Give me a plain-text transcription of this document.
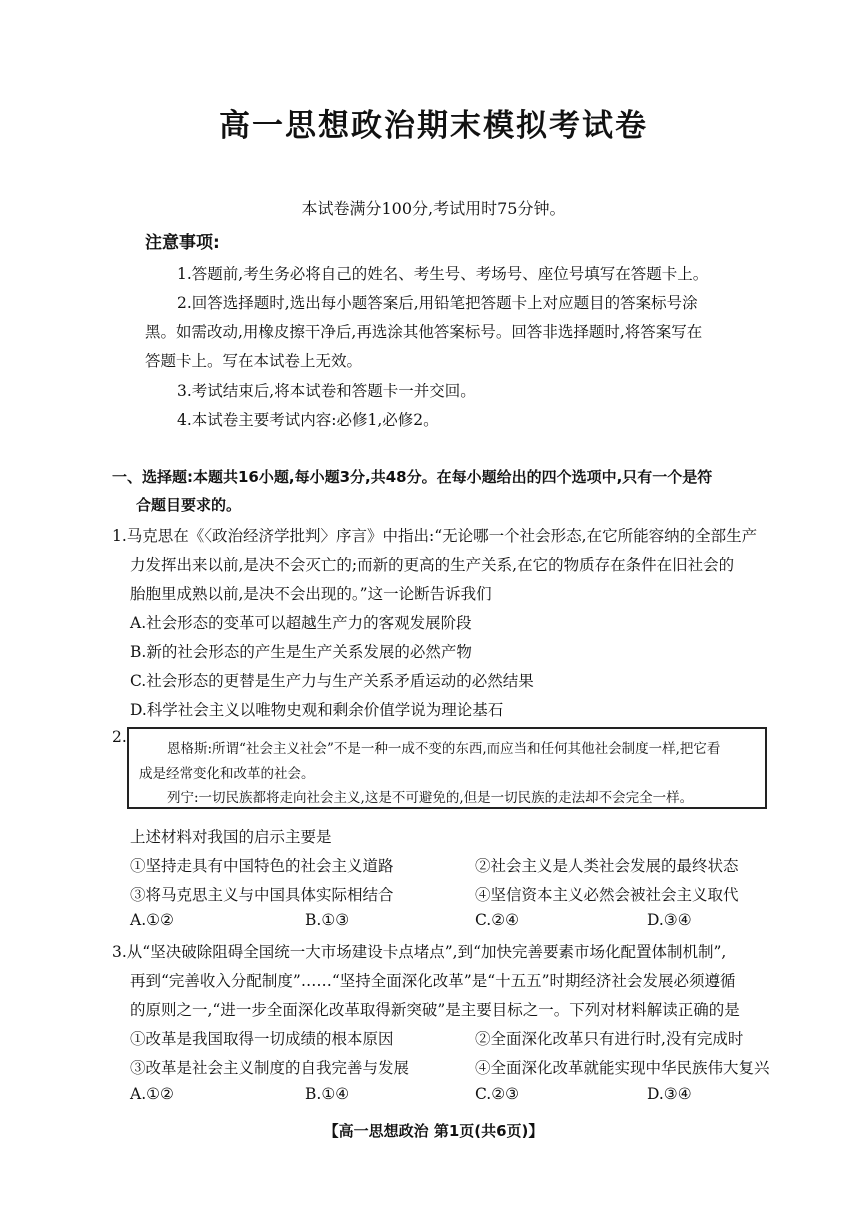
高一思想政治期末模拟考试卷
本试卷满分100分,考试用时75分钟。
注意事项:
1.答题前,考生务必将自己的姓名、考生号、考场号、座位号填写在答题卡上。
2.回答选择题时,选出每小题答案后,用铅笔把答题卡上对应题目的答案标号涂
黑。如需改动,用橡皮擦干净后,再选涂其他答案标号。回答非选择题时,将答案写在
答题卡上。写在本试卷上无效。
3.考试结束后,将本试卷和答题卡一并交回。
4.本试卷主要考试内容:必修1,必修2。
一、选择题:本题共16小题,每小题3分,共48分。在每小题给出的四个选项中,只有一个是符
合题目要求的。
1.马克思在《〈政治经济学批判〉序言》中指出:“无论哪一个社会形态,在它所能容纳的全部生产
力发挥出来以前,是决不会灭亡的;而新的更高的生产关系,在它的物质存在条件在旧社会的
胎胞里成熟以前,是决不会出现的。”这一论断告诉我们
A.社会形态的变革可以超越生产力的客观发展阶段
B.新的社会形态的产生是生产关系发展的必然产物
C.社会形态的更替是生产力与生产关系矛盾运动的必然结果
D.科学社会主义以唯物史观和剩余价值学说为理论基石
2.
恩格斯:所谓“社会主义社会”不是一种一成不变的东西,而应当和任何其他社会制度一样,把它看
成是经常变化和改革的社会。
列宁:一切民族都将走向社会主义,这是不可避免的,但是一切民族的走法却不会完全一样。
上述材料对我国的启示主要是
①坚持走具有中国特色的社会主义道路	②社会主义是人类社会发展的最终状态
③将马克思主义与中国具体实际相结合	④坚信资本主义必然会被社会主义取代
A.①②	B.①③	C.②④	D.③④
3.从“坚决破除阻碍全国统一大市场建设卡点堵点”,到“加快完善要素市场化配置体制机制”,
再到“完善收入分配制度”……“坚持全面深化改革”是“十五五”时期经济社会发展必须遵循
的原则之一,“进一步全面深化改革取得新突破”是主要目标之一。下列对材料解读正确的是
①改革是我国取得一切成绩的根本原因	②全面深化改革只有进行时,没有完成时
③改革是社会主义制度的自我完善与发展	④全面深化改革就能实现中华民族伟大复兴
A.①②	B.①④	C.②③	D.③④
【高一思想政治 第1页(共6页)】
